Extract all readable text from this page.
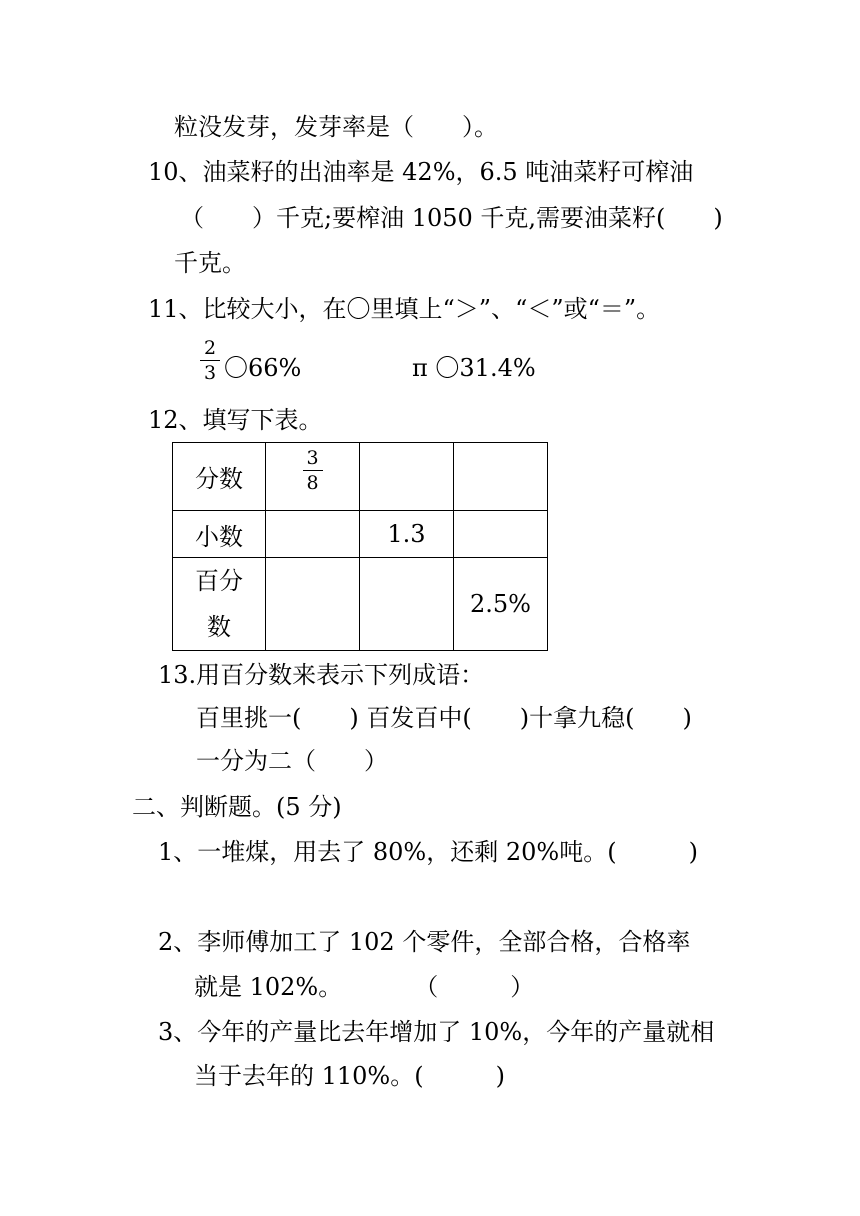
粒没发芽，发芽率是（　　）。
10、油菜籽的出油率是 42%，6.5 吨油菜籽可榨油
（　　）千克;要榨油 1050 千克,需要油菜籽(　　)
千克。
11、比较大小，在〇里填上“＞”、“＜”或“＝”。
2
3 〇66%	π 〇31.4%
12、填写下表。
分数	$\frac{3}{8}$

小数		1.3	

百分
数			2.5%
13.用百分数来表示下列成语：
百里挑一(　　) 百发百中(　　)十拿九稳(　　)
一分为二（　　）
二、判断题。(5 分)
1、一堆煤，用去了 80%，还剩 20%吨。(　　　)
2、李师傅加工了 102 个零件，全部合格，合格率
就是 102%。　　　　（　　　）
3、今年的产量比去年增加了 10%，今年的产量就相
当于去年的 110%。(　　　)
